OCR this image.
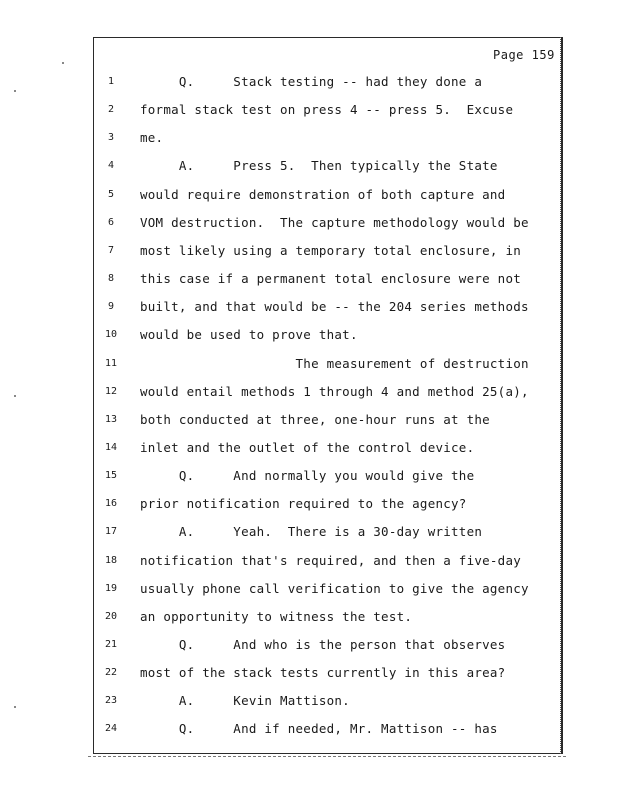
Page 159
1	Q.     Stack testing -- had they done a
2	formal stack test on press 4 -- press 5.  Excuse
3	me.
4	A.     Press 5.  Then typically the State
5	would require demonstration of both capture and
6	VOM destruction.  The capture methodology would be
7	most likely using a temporary total enclosure, in
8	this case if a permanent total enclosure were not
9	built, and that would be -- the 204 series methods
10	would be used to prove that.
11	The measurement of destruction
12	would entail methods 1 through 4 and method 25(a),
13	both conducted at three, one-hour runs at the
14	inlet and the outlet of the control device.
15	Q.     And normally you would give the
16	prior notification required to the agency?
17	A.     Yeah.  There is a 30-day written
18	notification that's required, and then a five-day
19	usually phone call verification to give the agency
20	an opportunity to witness the test.
21	Q.     And who is the person that observes
22	most of the stack tests currently in this area?
23	A.     Kevin Mattison.
24	Q.     And if needed, Mr. Mattison -- has
